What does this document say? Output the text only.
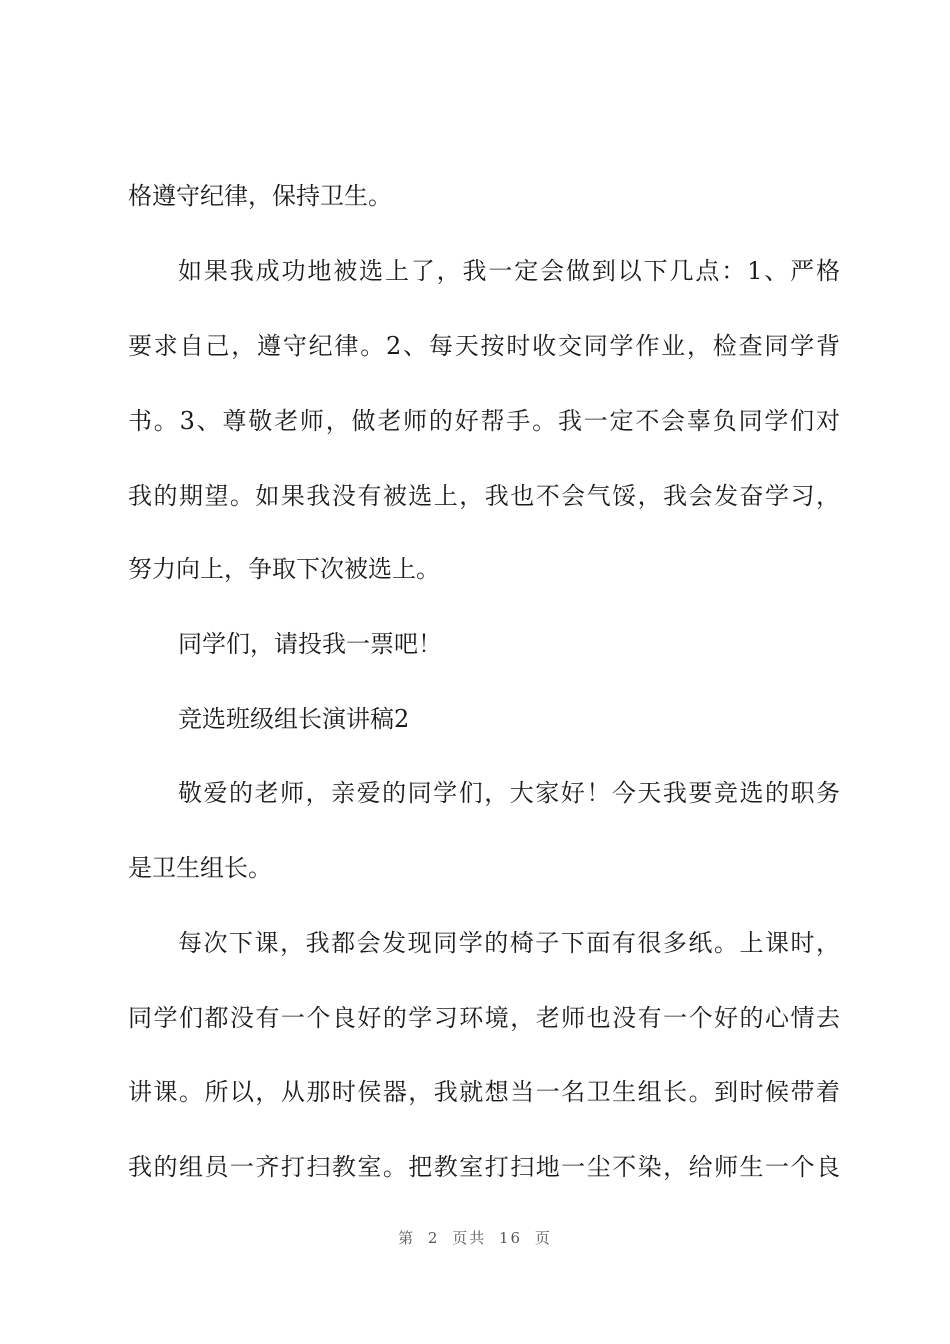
格遵守纪律，保持卫生。
如果我成功地被选上了，我一定会做到以下几点：1、严格
要求自己，遵守纪律。2、每天按时收交同学作业，检查同学背
书。3、尊敬老师，做老师的好帮手。我一定不会辜负同学们对
我的期望。如果我没有被选上，我也不会气馁，我会发奋学习，
努力向上，争取下次被选上。
同学们，请投我一票吧！
竞选班级组长演讲稿2
敬爱的老师，亲爱的同学们，大家好！今天我要竞选的职务
是卫生组长。
每次下课，我都会发现同学的椅子下面有很多纸。上课时，
同学们都没有一个良好的学习环境，老师也没有一个好的心情去
讲课。所以，从那时侯器，我就想当一名卫生组长。到时候带着
我的组员一齐打扫教室。把教室打扫地一尘不染，给师生一个良
第 2 页共 16 页
